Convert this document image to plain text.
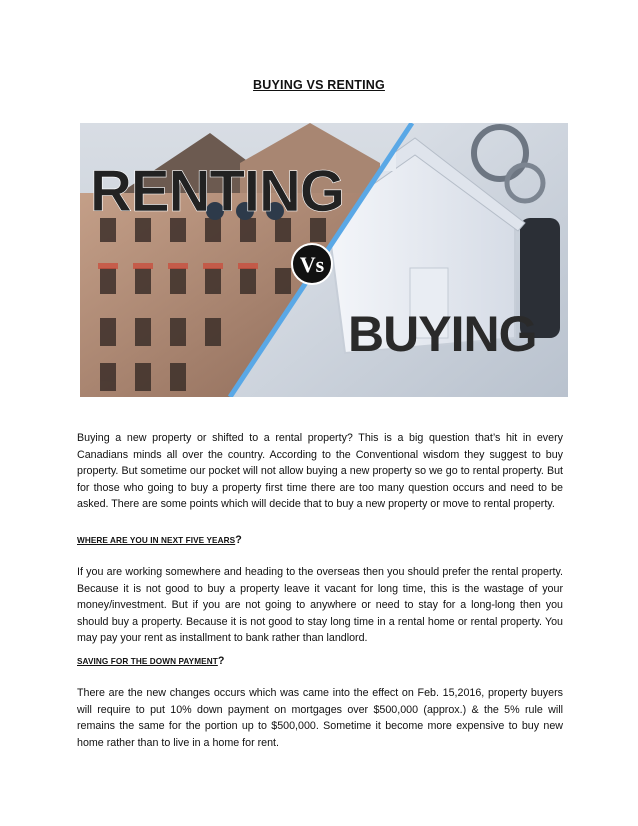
BUYING VS RENTING
RENTING
Vs
BUYING

Buying a new property or shifted to a rental property? This is a big question that’s hit in every Canadians minds all over the country. According to the Conventional wisdom they suggest to buy property. But sometime our pocket will not allow buying a new property so we go to rental property. But for those who going to buy a property first time there are too many question occurs and need to be asked. There are some points which will decide that to buy a new property or move to rental property.

WHERE ARE YOU IN NEXT FIVE YEARS?

If you are working somewhere and heading to the overseas then you should prefer the rental property. Because it is not good to buy a property leave it vacant for long time, this is the wastage of your money/investment. But if you are not going to anywhere or need to stay for a long-long then you should buy a property. Because it is not good to stay long time in a rental home or rental property. You may pay your rent as installment to bank rather than landlord.

SAVING FOR THE DOWN PAYMENT?

There are the new changes occurs which was came into the effect on Feb. 15,2016, property buyers will require to put 10% down payment on mortgages over $500,000 (approx.) & the 5% rule will remains the same for the portion up to $500,000. Sometime it become more expensive to buy new home rather than to live in a home for rent.
